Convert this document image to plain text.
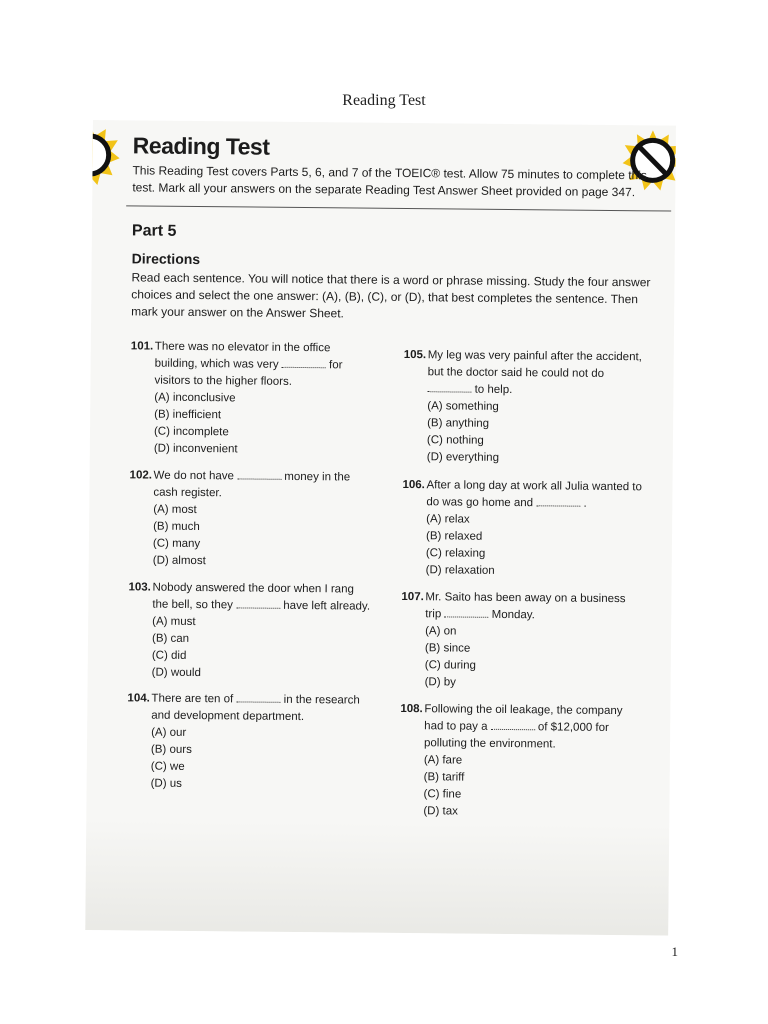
Reading Test
Reading Test
This Reading Test covers Parts 5, 6, and 7 of the TOEIC® test. Allow 75 minutes to complete this test. Mark all your answers on the separate Reading Test Answer Sheet provided on page 347.
Part 5
Directions
Read each sentence. You will notice that there is a word or phrase missing. Study the four answer choices and select the one answer: (A), (B), (C), or (D), that best completes the sentence. Then mark your answer on the Answer Sheet.
101. There was no elevator in the office building, which was very	for visitors to the higher floors.
(A) inconclusive
(B) inefficient
(C) incomplete
(D) inconvenient
102. We do not have	money in the cash register.
(A) most
(B) much
(C) many
(D) almost
103. Nobody answered the door when I rang the bell, so they	have left already.
(A) must
(B) can
(C) did
(D) would
104. There are ten of	in the research and development department.
(A) our
(B) ours
(C) we
(D) us
105. My leg was very painful after the accident, but the doctor said he could not do  to help.
(A) something
(B) anything
(C) nothing
(D) everything
106. After a long day at work all Julia wanted to do was go home and	.
(A) relax
(B) relaxed
(C) relaxing
(D) relaxation
107. Mr. Saito has been away on a business trip	Monday.
(A) on
(B) since
(C) during
(D) by
108. Following the oil leakage, the company had to pay a	of $12,000 for polluting the environment.
(A) fare
(B) tariff
(C) fine
(D) tax
1
